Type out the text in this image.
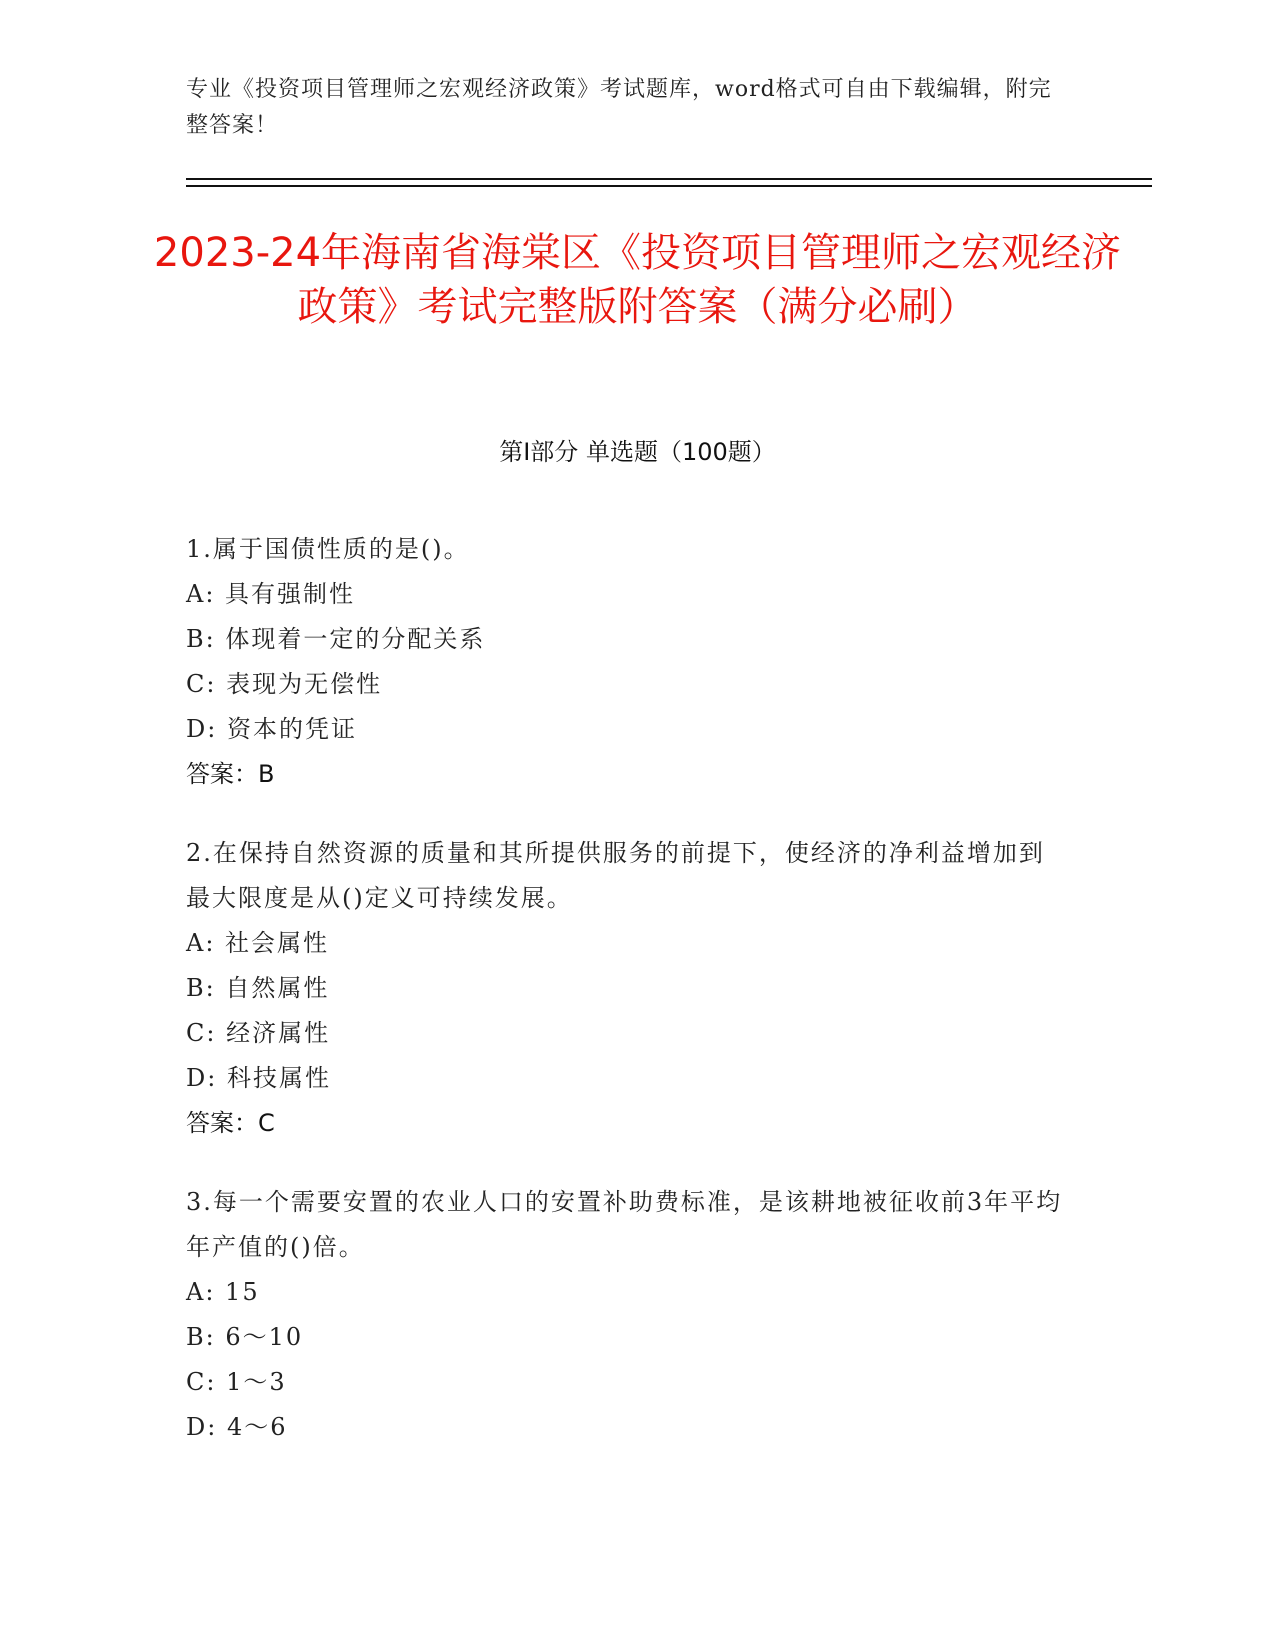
专业《投资项目管理师之宏观经济政策》考试题库，word格式可自由下载编辑，附完整答案！
2023-24年海南省海棠区《投资项目管理师之宏观经济政策》考试完整版附答案（满分必刷）
第I部分 单选题（100题）
1.属于国债性质的是()。
A: 具有强制性
B: 体现着一定的分配关系
C: 表现为无偿性
D: 资本的凭证
答案：B
2.在保持自然资源的质量和其所提供服务的前提下，使经济的净利益增加到最大限度是从()定义可持续发展。
A: 社会属性
B: 自然属性
C: 经济属性
D: 科技属性
答案：C
3.每一个需要安置的农业人口的安置补助费标准，是该耕地被征收前3年平均年产值的()倍。
A: 15
B: 6～10
C: 1～3
D: 4～6
